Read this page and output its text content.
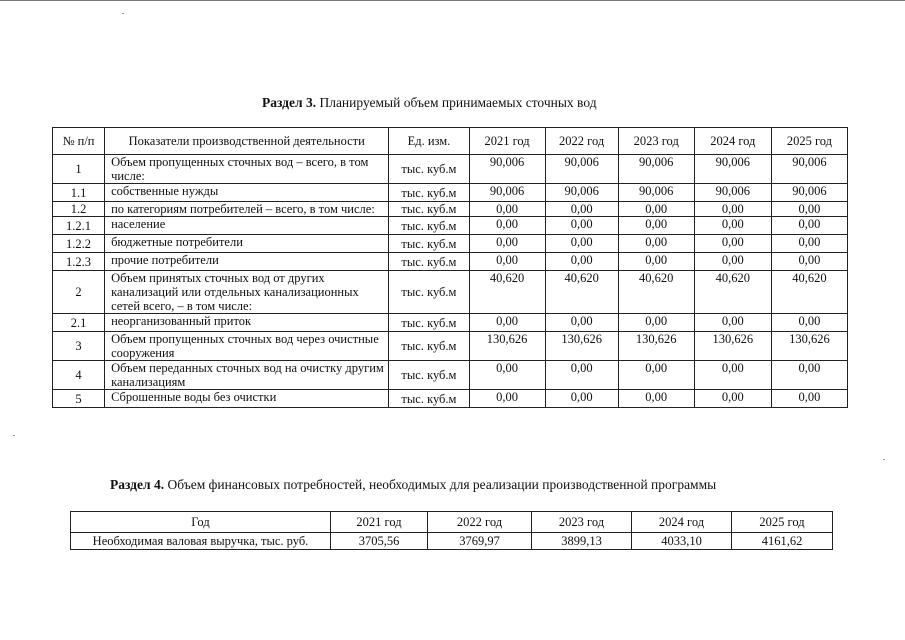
Раздел 3. Планируемый объем принимаемых сточных вод
№ п/п	Показатели производственной деятельности	Ед. изм.	2021 год	2022 год	2023 год	2024 год	2025 год
1	Объем пропущенных сточных вод – всего, в том числе:	тыс. куб.м	90,006	90,006	90,006	90,006	90,006
1.1	собственные нужды	тыс. куб.м	90,006	90,006	90,006	90,006	90,006
1.2	по категориям потребителей – всего, в том числе:	тыс. куб.м	0,00	0,00	0,00	0,00	0,00
1.2.1	население	тыс. куб.м	0,00	0,00	0,00	0,00	0,00
1.2.2	бюджетные потребители	тыс. куб.м	0,00	0,00	0,00	0,00	0,00
1.2.3	прочие потребители	тыс. куб.м	0,00	0,00	0,00	0,00	0,00
2	Объем принятых сточных вод от других канализаций или отдельных канализационных сетей всего, – в том числе:	тыс. куб.м	40,620	40,620	40,620	40,620	40,620
2.1	неорганизованный приток	тыс. куб.м	0,00	0,00	0,00	0,00	0,00
3	Объем пропущенных сточных вод через очистные сооружения	тыс. куб.м	130,626	130,626	130,626	130,626	130,626
4	Объем переданных сточных вод на очистку другим канализациям	тыс. куб.м	0,00	0,00	0,00	0,00	0,00
5	Сброшенные воды без очистки	тыс. куб.м	0,00	0,00	0,00	0,00	0,00
Раздел 4. Объем финансовых потребностей, необходимых для реализации производственной программы
Год	2021 год	2022 год	2023 год	2024 год	2025 год
Необходимая валовая выручка, тыс. руб.	3705,56	3769,97	3899,13	4033,10	4161,62
